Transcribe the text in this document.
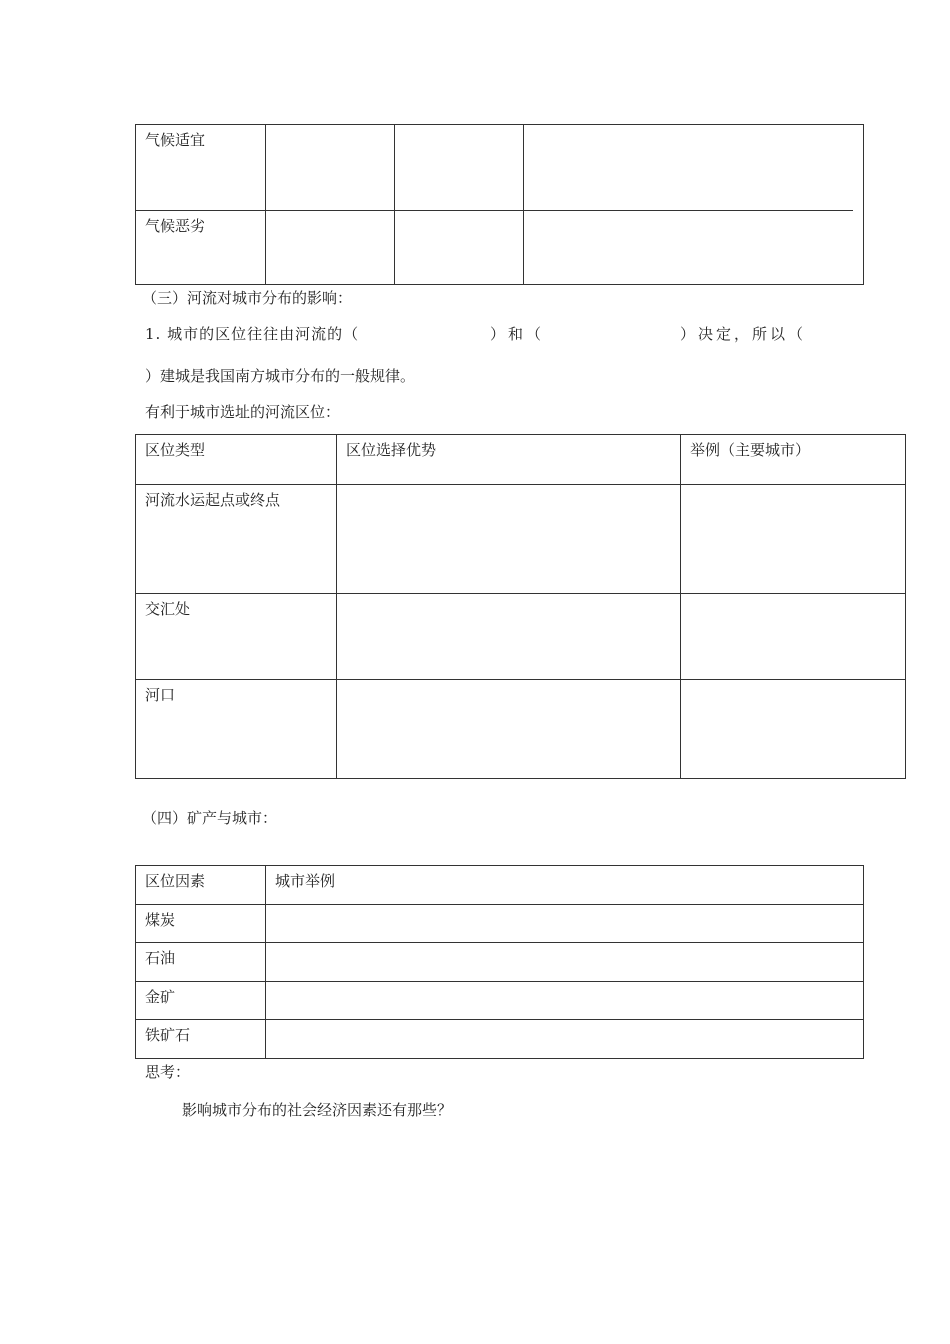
气候适宜			
气候恶劣			
（三）河流对城市分布的影响：
1. 城市的区位往往由河流的（	）和（	）决定，所以（
）建城是我国南方城市分布的一般规律。
有利于城市选址的河流区位：
区位类型	区位选择优势	举例（主要城市）
河流水运起点或终点		
交汇处		
河口		
（四）矿产与城市：
区位因素	城市举例
煤炭	
石油	
金矿	
铁矿石	
思考：
影响城市分布的社会经济因素还有那些？
